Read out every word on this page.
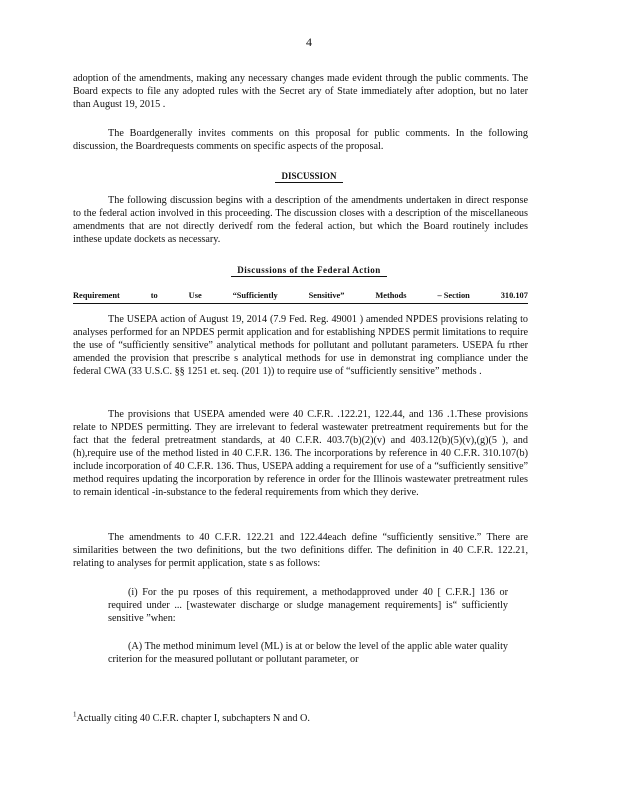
4
adoption of the amendments, making any necessary changes made evident through the public comments. The Board expects to file any adopted rules with the Secret ary of State immediately after adoption, but no later than August 19, 2015 .
The Boardgenerally invites comments on this proposal for public comments. In the following discussion, the Boardrequests comments on specific aspects of the proposal.
DISCUSSION
The following discussion begins with a description of the amendments undertaken in direct response to the federal action involved in this proceeding. The discussion closes with a description of the miscellaneous amendments that are not directly derivedf rom the federal action, but which the Board routinely includes inthese update dockets as necessary.
Discussions of the Federal Action
Requirement	to	Use	“Sufficiently	Sensitive”	Methods	– Section	310.107
The USEPA action of August 19, 2014 (7.9 Fed. Reg. 49001 ) amended NPDES provisions relating to analyses performed for an NPDES permit application and for establishing NPDES permit limitations to require the use of “sufficiently sensitive” analytical methods for pollutant and pollutant parameters. USEPA fu rther amended the provision that prescribe s analytical methods for use in demonstrat ing compliance under the federal CWA (33 U.S.C. §§ 1251 et. seq. (201 1)) to require use of “sufficiently sensitive” methods .
The provisions that USEPA amended were 40 C.F.R. .122.21, 122.44, and 136 .1.These provisions relate to NPDES permitting. They are irrelevant to federal wastewater pretreatment requirements but for the fact that the federal pretreatment standards, at 40 C.F.R. 403.7(b)(2)(v) and 403.12(b)(5)(v),(g)(5 ), and (h),require use of the method listed in 40 C.F.R. 136. The incorporations by reference in 40 C.F.R. 310.107(b) include incorporation of 40 C.F.R. 136. Thus, USEPA adding a requirement for use of a “sufficiently sensitive” method requires updating the incorporation by reference in order for the Illinois wastewater pretreatment rules to remain identical -in-substance to the federal requirements from which they derive.
The amendments to 40 C.F.R. 122.21 and 122.44each define “sufficiently sensitive.” There are similarities between the two definitions, but the two definitions differ. The definition in 40 C.F.R. 122.21, relating to analyses for permit application, state s as follows:
(i) For the pu rposes of this requirement, a methodapproved under 40 [ C.F.R.] 136 or required under ... [wastewater discharge or sludge management requirements] is“ sufficiently sensitive ”when:
(A) The method minimum level (ML) is at or below the level of the applic able water quality criterion for the measured pollutant or pollutant parameter, or
$^1$Actually citing 40 C.F.R. chapter I, subchapters N and O.
